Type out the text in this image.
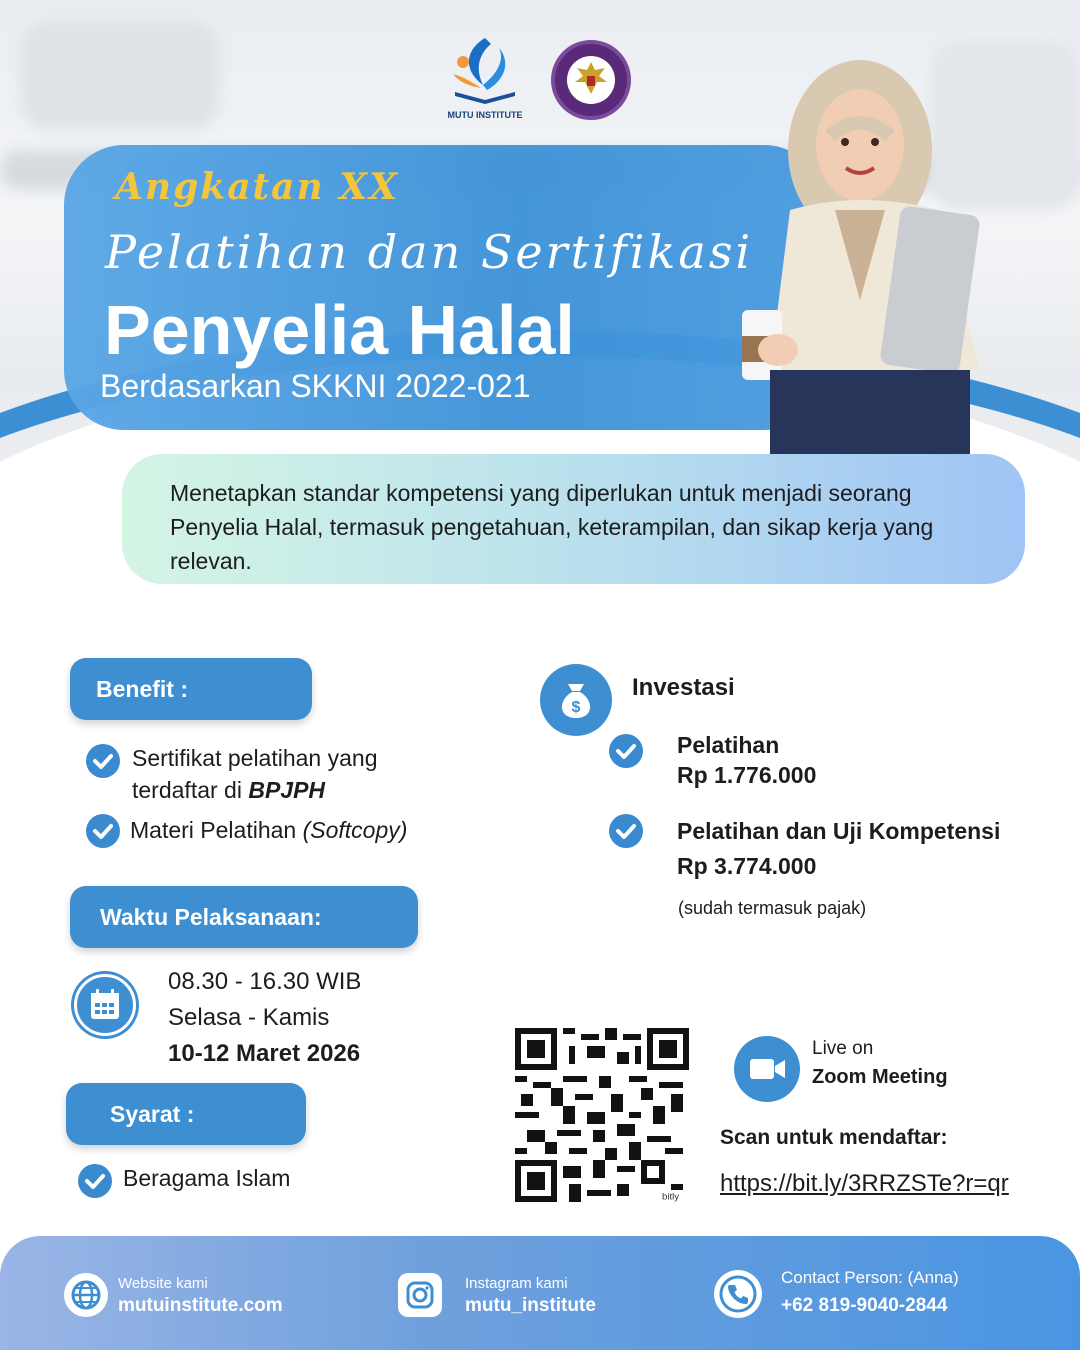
MUTU INSTITUTE
Angkatan XX
Pelatihan dan Sertifikasi
Penyelia Halal
Berdasarkan SKKNI 2022-021
Menetapkan standar kompetensi yang diperlukan untuk menjadi seorang Penyelia Halal, termasuk pengetahuan, keterampilan, dan sikap kerja yang relevan.
Benefit :
Sertifikat pelatihan yang
terdaftar di BPJPH
Materi Pelatihan (Softcopy)
Waktu Pelaksanaan:
08.30 - 16.30 WIB
Selasa - Kamis
10-12 Maret 2026
Syarat :
Beragama Islam
$
Investasi
Pelatihan
Rp 1.776.000
Pelatihan dan Uji Kompetensi
Rp 3.774.000
(sudah termasuk pajak)
bitly
Live on
Zoom Meeting
Scan untuk mendaftar:
https://bit.ly/3RRZSTe?r=qr
Website kami
mutuinstitute.com
Instagram kami
mutu_institute
Contact Person: (Anna)
+62 819-9040-2844
